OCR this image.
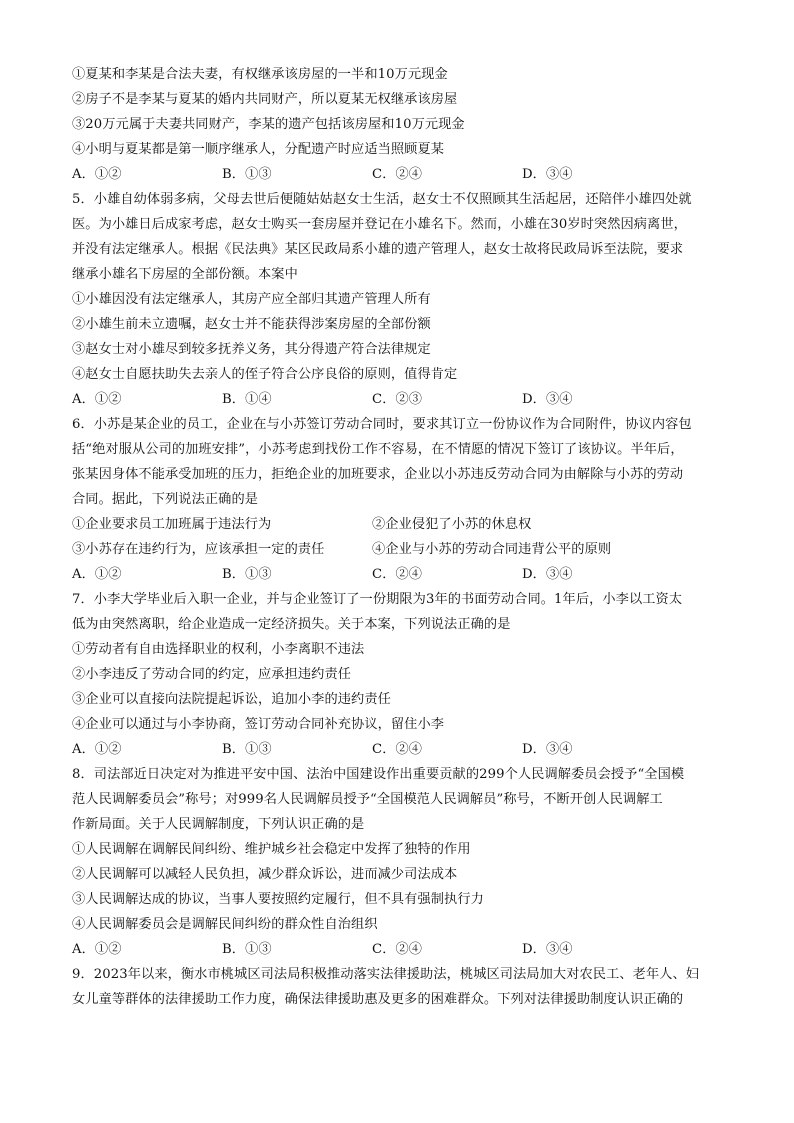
①夏某和李某是合法夫妻，有权继承该房屋的一半和10万元现金
②房子不是李某与夏某的婚内共同财产，所以夏某无权继承该房屋
③20万元属于夫妻共同财产，李某的遗产包括该房屋和10万元现金
④小明与夏某都是第一顺序继承人，分配遗产时应适当照顾夏某
A．①②	B．①③	C．②④	D．③④
5．小雄自幼体弱多病，父母去世后便随姑姑赵女士生活，赵女士不仅照顾其生活起居，还陪伴小雄四处就
医。为小雄日后成家考虑，赵女士购买一套房屋并登记在小雄名下。然而，小雄在30岁时突然因病离世，
并没有法定继承人。根据《民法典》某区民政局系小雄的遗产管理人，赵女士故将民政局诉至法院，要求
继承小雄名下房屋的全部份额。本案中
①小雄因没有法定继承人，其房产应全部归其遗产管理人所有
②小雄生前未立遗嘱，赵女士并不能获得涉案房屋的全部份额
③赵女士对小雄尽到较多抚养义务，其分得遗产符合法律规定
④赵女士自愿扶助失去亲人的侄子符合公序良俗的原则，值得肯定
A．①②	B．①④	C．②③	D．③④
6．小苏是某企业的员工，企业在与小苏签订劳动合同时，要求其订立一份协议作为合同附件，协议内容包
括“绝对服从公司的加班安排”，小苏考虑到找份工作不容易，在不情愿的情况下签订了该协议。半年后，
张某因身体不能承受加班的压力，拒绝企业的加班要求，企业以小苏违反劳动合同为由解除与小苏的劳动
合同。据此，下列说法正确的是
①企业要求员工加班属于违法行为	②企业侵犯了小苏的休息权
③小苏存在违约行为，应该承担一定的责任	④企业与小苏的劳动合同违背公平的原则
A．①②	B．①③	C．②④	D．③④
7．小李大学毕业后入职一企业，并与企业签订了一份期限为3年的书面劳动合同。1年后，小李以工资太
低为由突然离职，给企业造成一定经济损失。关于本案，下列说法正确的是
①劳动者有自由选择职业的权利，小李离职不违法
②小李违反了劳动合同的约定，应承担违约责任
③企业可以直接向法院提起诉讼，追加小李的违约责任
④企业可以通过与小李协商，签订劳动合同补充协议，留住小李
A．①②	B．①③	C．②④	D．③④
8．司法部近日决定对为推进平安中国、法治中国建设作出重要贡献的299个人民调解委员会授予“全国模
范人民调解委员会”称号；对999名人民调解员授予“全国模范人民调解员”称号，不断开创人民调解工
作新局面。关于人民调解制度，下列认识正确的是
①人民调解在调解民间纠纷、维护城乡社会稳定中发挥了独特的作用
②人民调解可以减轻人民负担，减少群众诉讼，进而减少司法成本
③人民调解达成的协议，当事人要按照约定履行，但不具有强制执行力
④人民调解委员会是调解民间纠纷的群众性自治组织
A．①②	B．①③	C．②④	D．③④
9．2023年以来，衡水市桃城区司法局积极推动落实法律援助法，桃城区司法局加大对农民工、老年人、妇
女儿童等群体的法律援助工作力度，确保法律援助惠及更多的困难群众。下列对法律援助制度认识正确的
